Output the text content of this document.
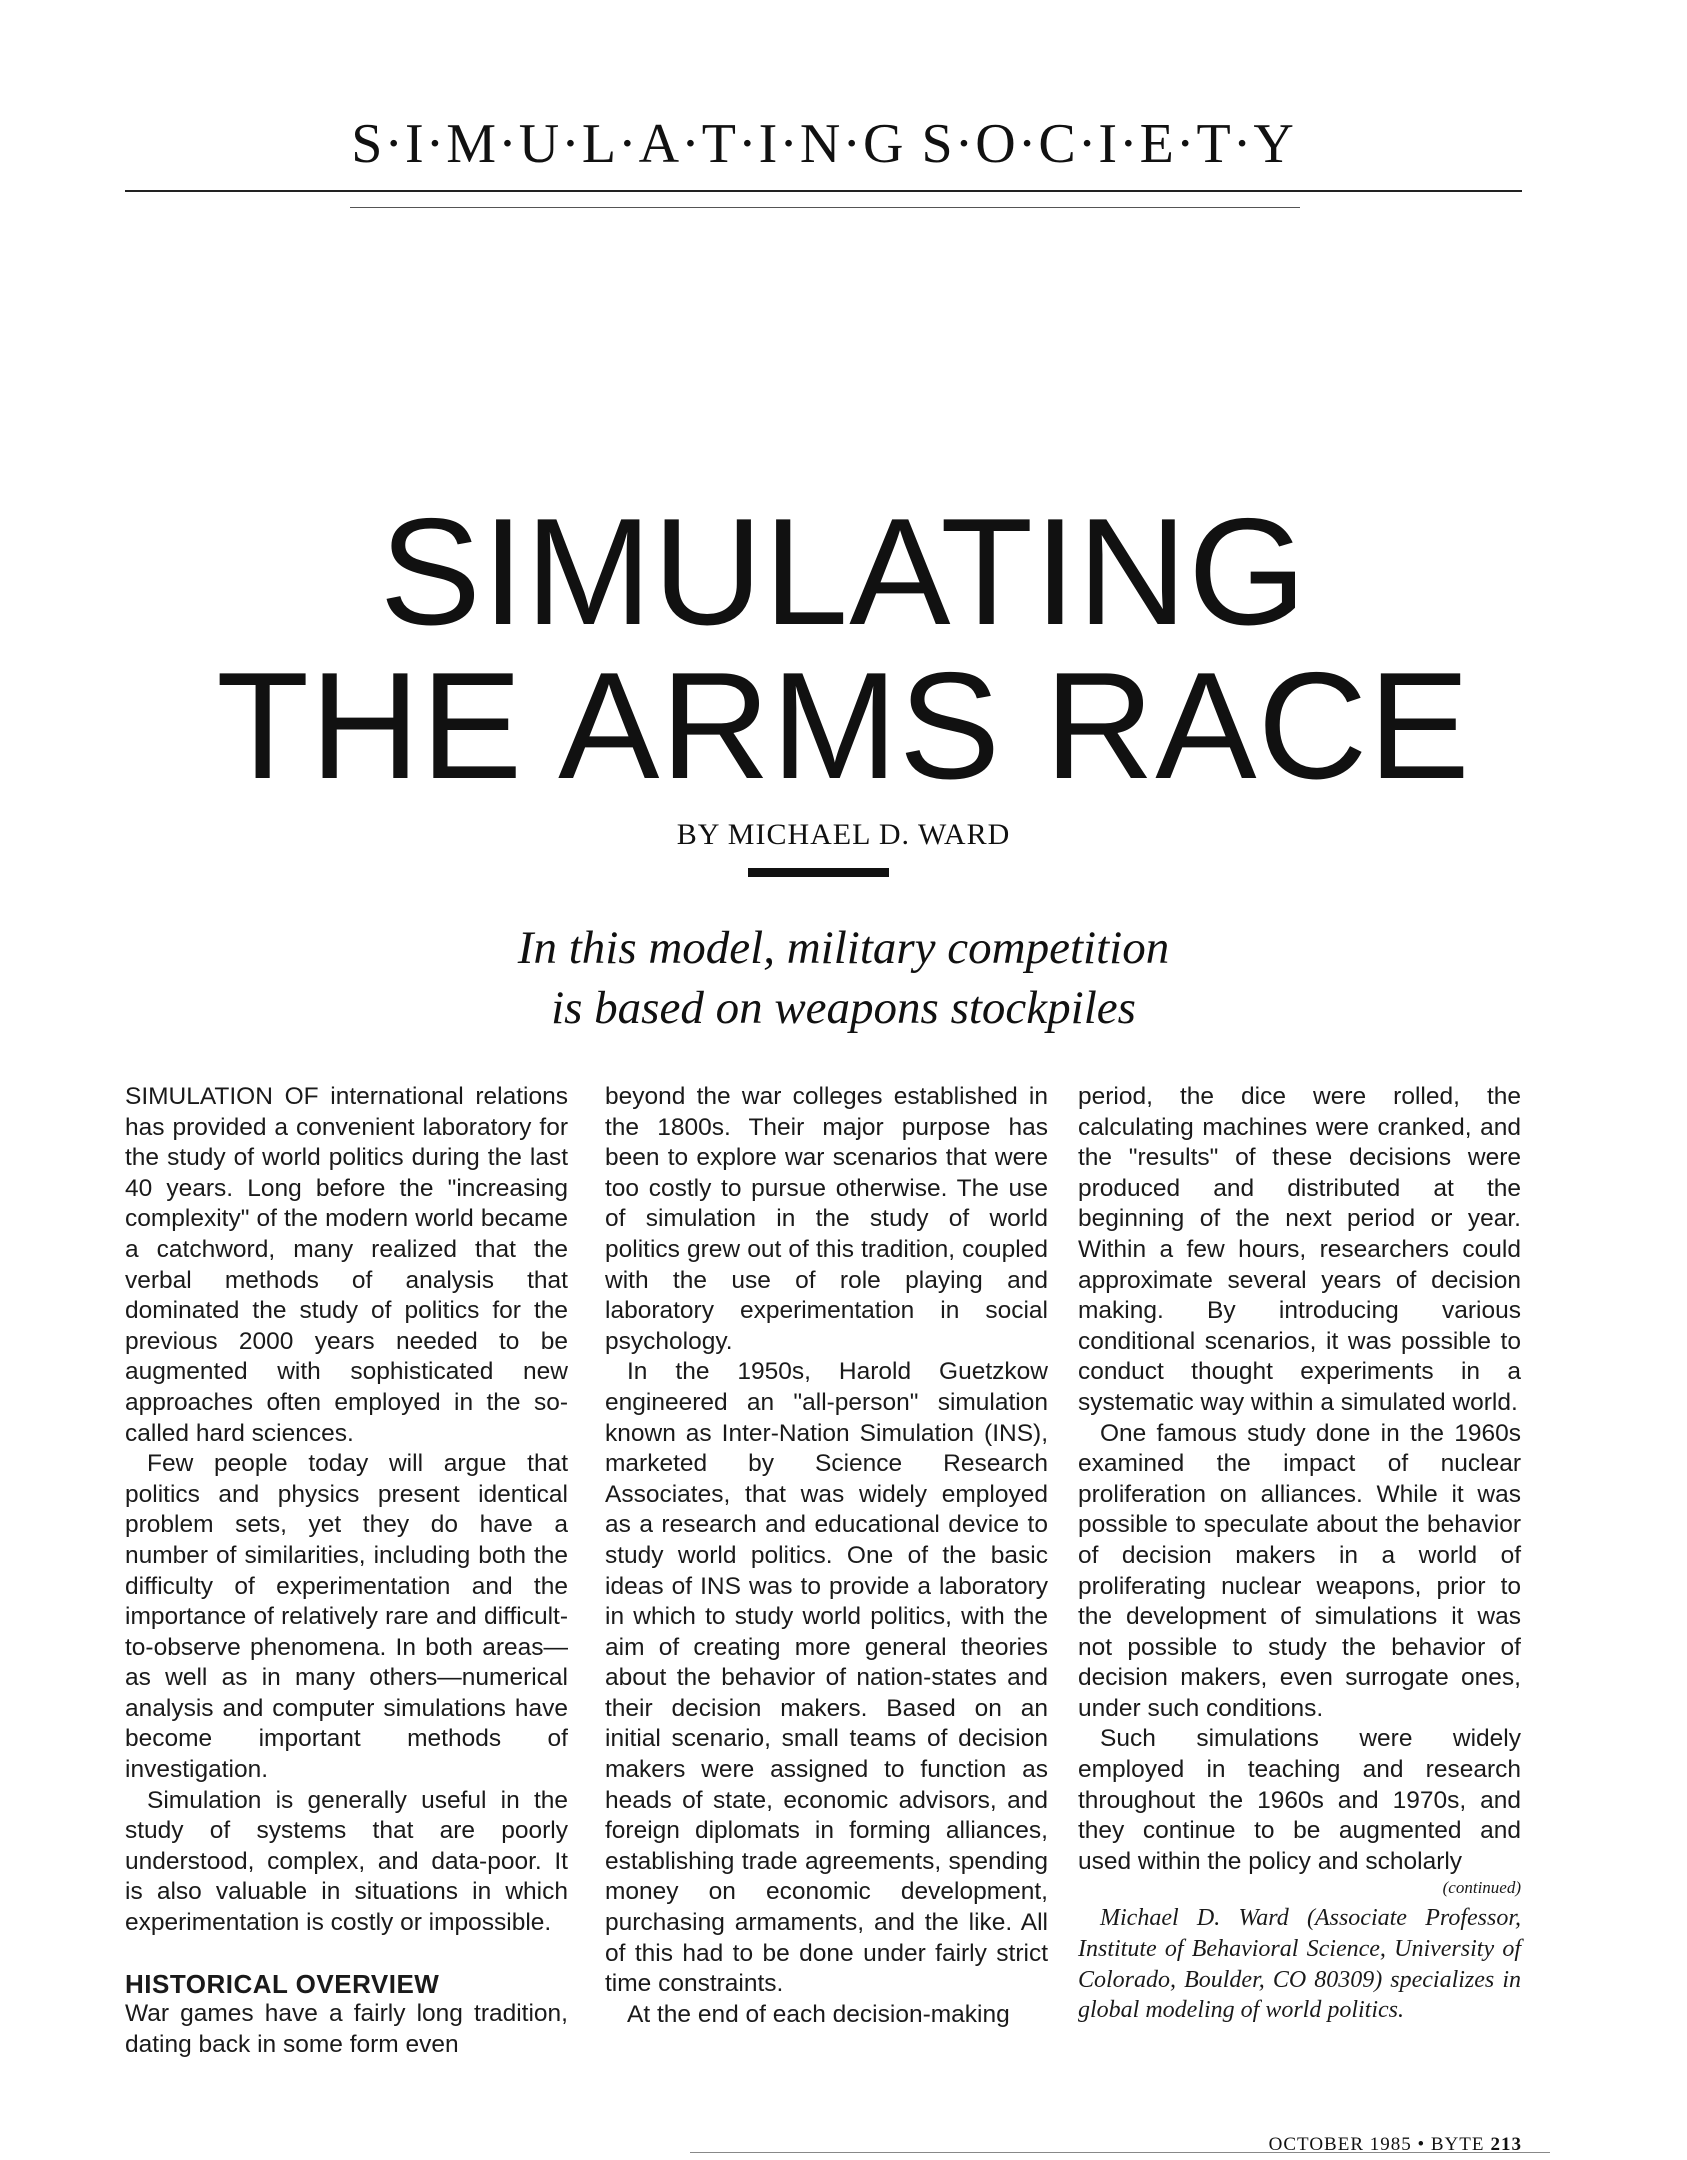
S·I·M·U·L·A·T·I·N·G S·O·C·I·E·T·Y
SIMULATING
THE ARMS RACE
BY MICHAEL D. WARD
In this model, military competition
is based on weapons stockpiles

SIMULATION OF international relations has provided a convenient laboratory for the study of world politics during the last 40 years. Long before the "increasing complexity" of the modern world became a catchword, many realized that the verbal methods of analysis that dominated the study of politics for the previous 2000 years needed to be augmented with sophisticated new approaches often employed in the so-called hard sciences.

Few people today will argue that politics and physics present identical problem sets, yet they do have a number of similarities, including both the difficulty of experimentation and the importance of relatively rare and difficult-to-observe phenomena. In both areas—as well as in many others—numerical analysis and computer simulations have become important methods of investigation.

Simulation is generally useful in the study of systems that are poorly understood, complex, and data-poor. It is also valuable in situations in which experimentation is costly or impossible.

HISTORICAL OVERVIEW

War games have a fairly long tradition, dating back in some form even

beyond the war colleges established in the 1800s. Their major purpose has been to explore war scenarios that were too costly to pursue otherwise. The use of simulation in the study of world politics grew out of this tradition, coupled with the use of role playing and laboratory experimentation in social psychology.

In the 1950s, Harold Guetzkow engineered an "all-person" simulation known as Inter-Nation Simulation (INS), marketed by Science Research Associates, that was widely employed as a research and educational device to study world politics. One of the basic ideas of INS was to provide a laboratory in which to study world politics, with the aim of creating more general theories about the behavior of nation-states and their decision makers. Based on an initial scenario, small teams of decision makers were assigned to function as heads of state, economic advisors, and foreign diplomats in forming alliances, establishing trade agreements, spending money on economic development, purchasing armaments, and the like. All of this had to be done under fairly strict time constraints.

At the end of each decision-making

period, the dice were rolled, the calculating machines were cranked, and the "results" of these decisions were produced and distributed at the beginning of the next period or year. Within a few hours, researchers could approximate several years of decision making. By introducing various conditional scenarios, it was possible to conduct thought experiments in a systematic way within a simulated world.

One famous study done in the 1960s examined the impact of nuclear proliferation on alliances. While it was possible to speculate about the behavior of decision makers in a world of proliferating nuclear weapons, prior to the development of simulations it was not possible to study the behavior of decision makers, even surrogate ones, under such conditions.

Such simulations were widely employed in teaching and research throughout the 1960s and 1970s, and they continue to be augmented and used within the policy and scholarly

(continued)

Michael D. Ward (Associate Professor, Institute of Behavioral Science, University of Colorado, Boulder, CO 80309) specializes in global modeling of world politics.

OCTOBER 1985 • BYTE 213
